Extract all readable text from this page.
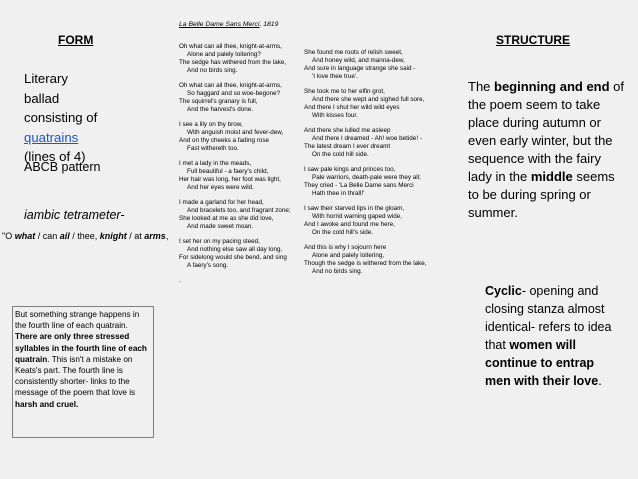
FORM
Literary
ballad
consisting of
quatrains
(lines of 4)
ABCB pattern
iambic tetrameter-
"O what / can ail / thee, knight / at arms,
But something strange happens in the fourth line of each quatrain. There are only three stressed syllables in the fourth line of each quatrain. This isn't a mistake on Keats's part. The fourth line is consistently shorter- links to the message of the poem that love is harsh and cruel.
La Belle Dame Sans Merci, 1819
Oh what can ail thee, knight-at-arms,
Alone and palely loitering?
The sedge has withered from the lake,
And no birds sing.
Oh what can ail thee, knight-at-arms,
So haggard and so woe-begone?
The squirrel's granary is full,
And the harvest's done.
I see a lily on thy brow,
With anguish moist and fever-dew,
And on thy cheeks a fading rose
Fast withereth too.
I met a lady in the meads,
Full beautiful - a faery's child,
Her hair was long, her foot was light,
And her eyes were wild.
I made a garland for her head,
And bracelets too, and fragrant zone;
She looked at me as she did love,
And made sweet moan.
I set her on my pacing steed,
And nothing else saw all day long,
For sidelong would she bend, and sing
A faery's song.
.
She found me roots of relish sweet,
And honey wild, and manna-dew,
And sure in language strange she said -
'I love thee true'.
She took me to her elfin grot,
And there she wept and sighed full sore,
And there I shut her wild wild eyes
With kisses four.
And there she lulled me asleep
And there I dreamed - Ah! woe betide! -
The latest dream I ever dreamt
On the cold hill side.
I saw pale kings and princes too,
Pale warriors, death-pale were they all;
They cried - 'La Belle Dame sans Merci
Hath thee in thrall!'
I saw their starved lips in the gloam,
With horrid warning gaped wide,
And I awoke and found me here,
On the cold hill's side.
And this is why I sojourn here
Alone and palely loitering,
Though the sedge is withered from the lake,
And no birds sing.
STRUCTURE
The beginning and end of the poem seem to take place during autumn or even early winter, but the sequence with the fairy lady in the middle seems to be during spring or summer.
Cyclic- opening and closing stanza almost identical- refers to idea that women will continue to entrap men with their love.
